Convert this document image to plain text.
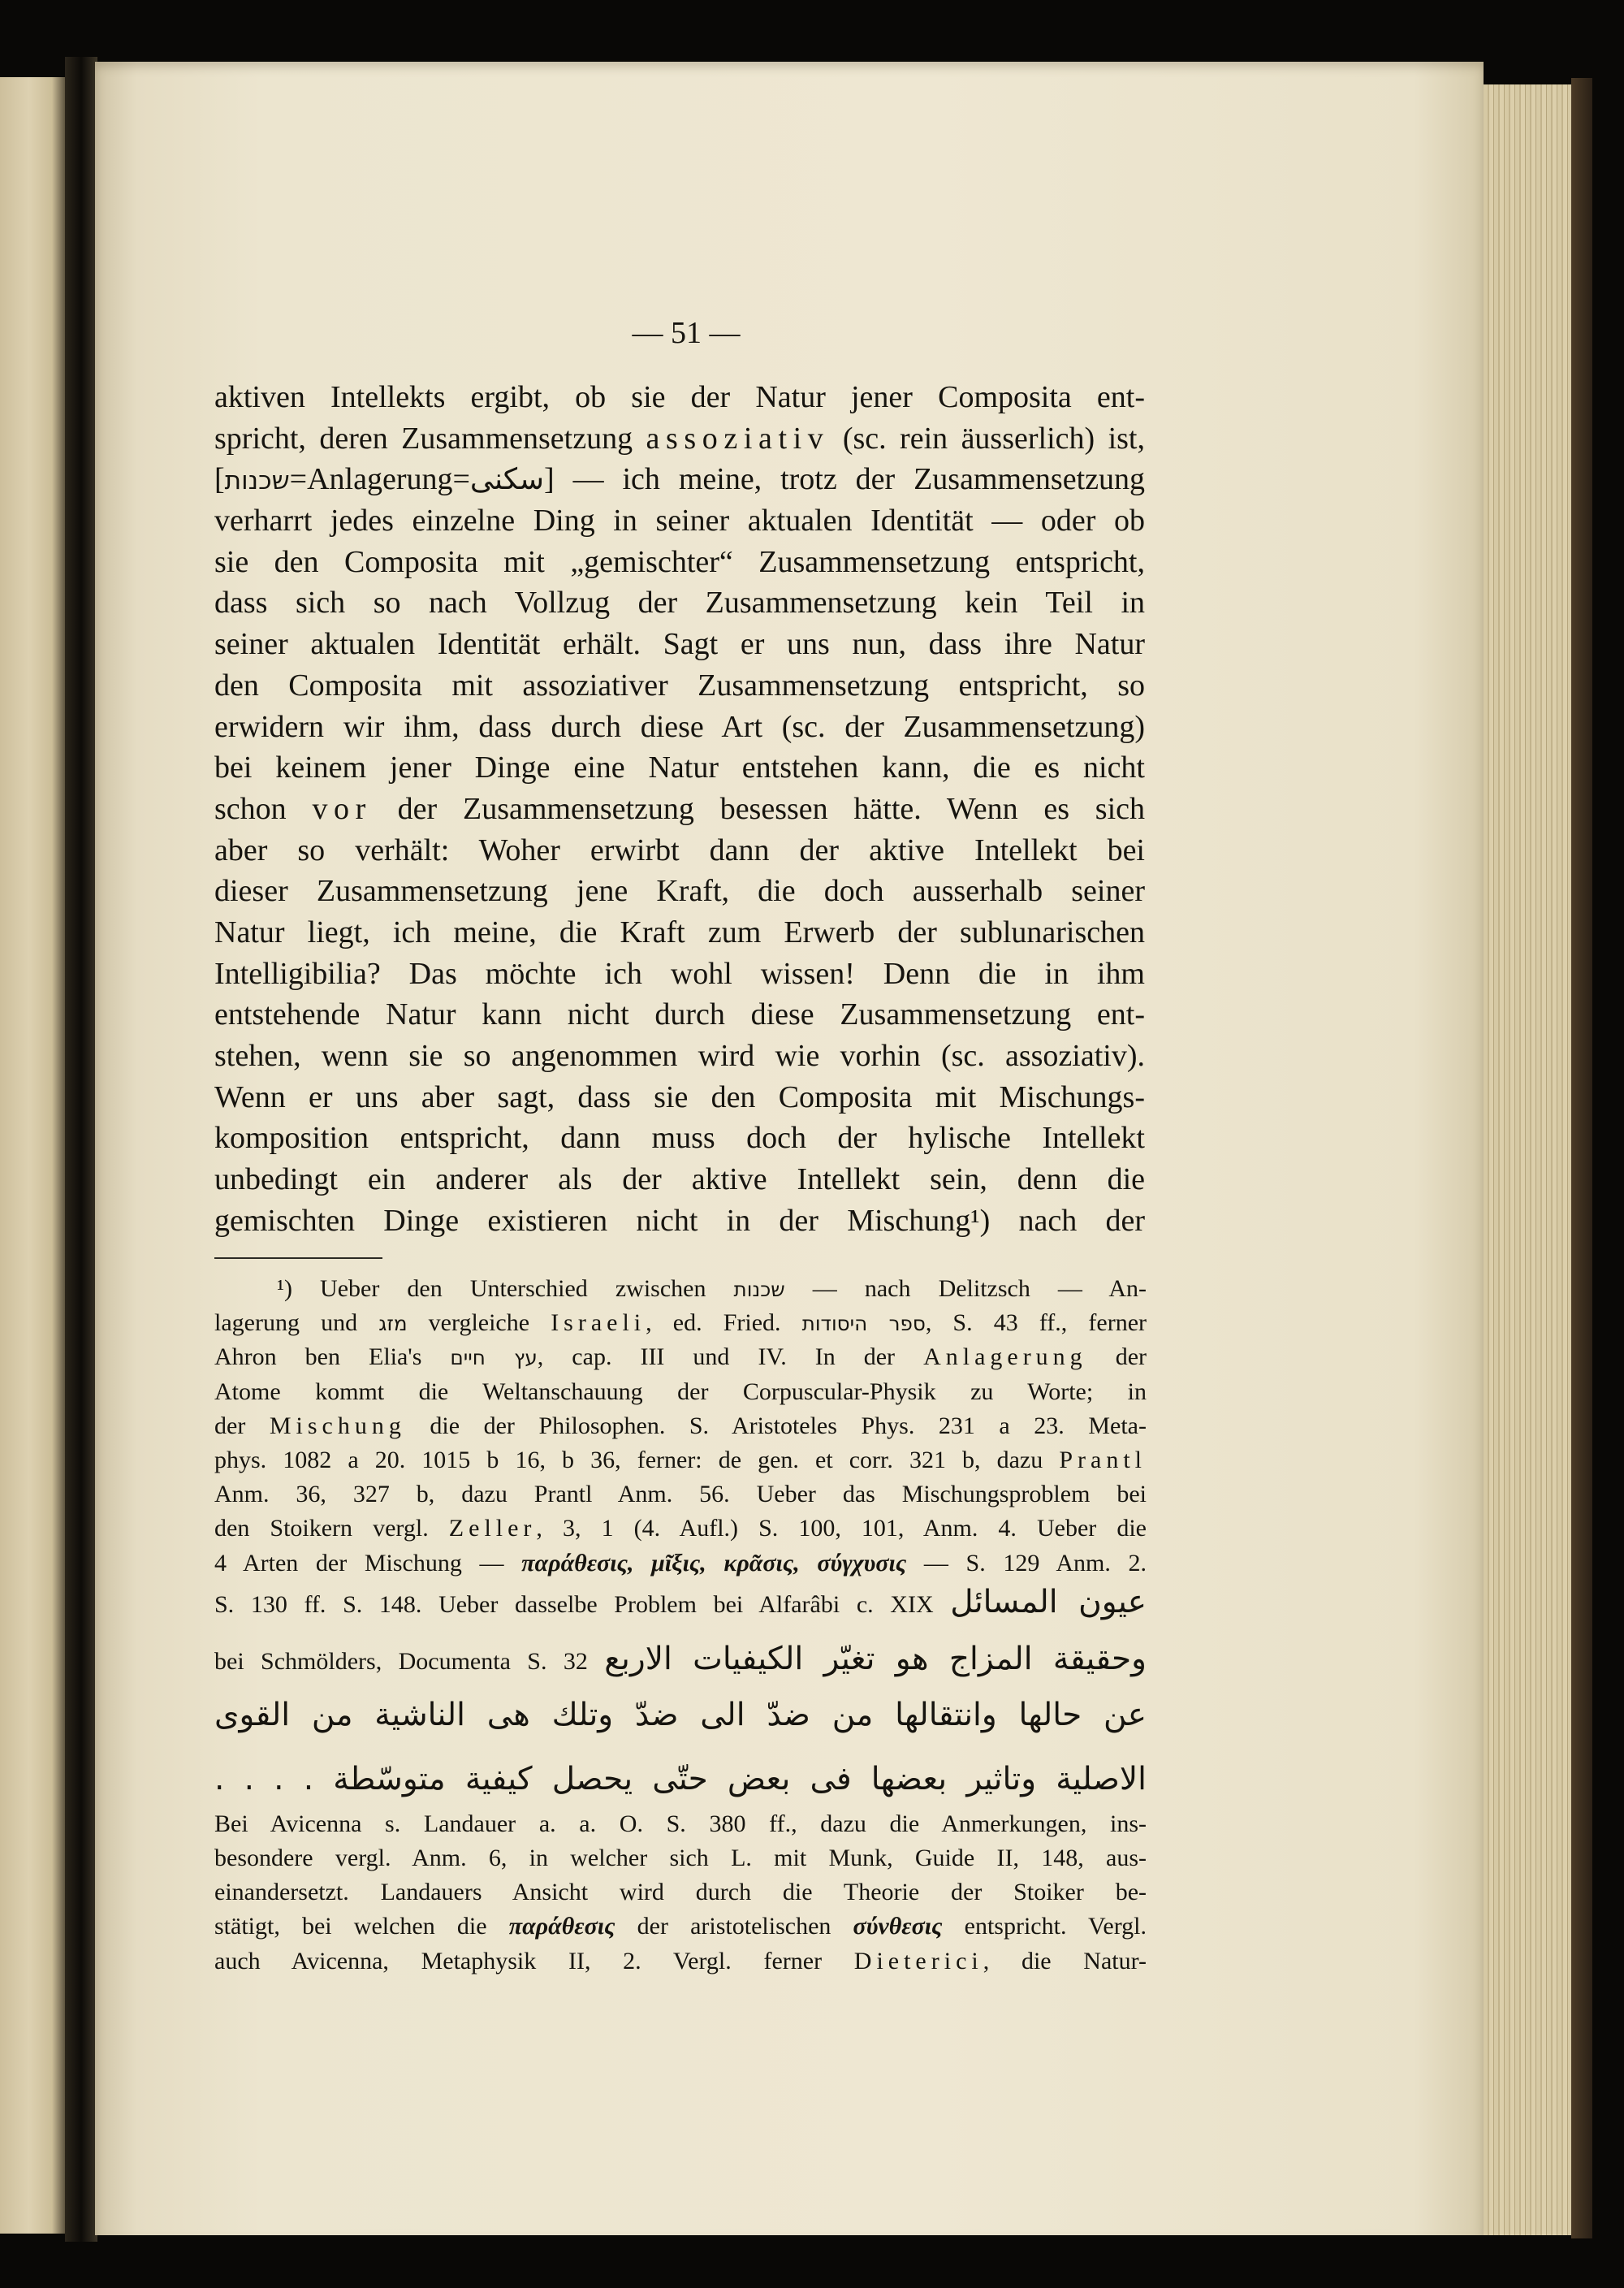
— 51 —
aktiven Intellekts ergibt, ob sie der Natur jener Composita ent-
spricht, deren Zusammensetzung assoziativ (sc. rein äusserlich) ist,
[שכנות=Anlagerung=سكنى] — ich meine, trotz der Zusammensetzung
verharrt jedes einzelne Ding in seiner aktualen Identität — oder ob
sie den Composita mit „gemischter“ Zusammensetzung entspricht,
dass sich so nach Vollzug der Zusammensetzung kein Teil in
seiner aktualen Identität erhält. Sagt er uns nun, dass ihre Natur
den Composita mit assoziativer Zusammensetzung entspricht, so
erwidern wir ihm, dass durch diese Art (sc. der Zusammensetzung)
bei keinem jener Dinge eine Natur entstehen kann, die es nicht
schon vor der Zusammensetzung besessen hätte. Wenn es sich
aber so verhält: Woher erwirbt dann der aktive Intellekt bei
dieser Zusammensetzung jene Kraft, die doch ausserhalb seiner
Natur liegt, ich meine, die Kraft zum Erwerb der sublunarischen
Intelligibilia? Das möchte ich wohl wissen! Denn die in ihm
entstehende Natur kann nicht durch diese Zusammensetzung ent-
stehen, wenn sie so angenommen wird wie vorhin (sc. assoziativ).
Wenn er uns aber sagt, dass sie den Composita mit Mischungs-
komposition entspricht, dann muss doch der hylische Intellekt
unbedingt ein anderer als der aktive Intellekt sein, denn die
gemischten Dinge existieren nicht in der Mischung¹) nach der
¹) Ueber den Unterschied zwischen שכנות — nach Delitzsch — An-
lagerung und מזג vergleiche Israeli, ed. Fried. ספר היסודות, S. 43 ff., ferner
Ahron ben Elia's עץ חיים, cap. III und IV. In der Anlagerung der
Atome kommt die Weltanschauung der Corpuscular-Physik zu Worte; in
der Mischung die der Philosophen. S. Aristoteles Phys. 231 a 23. Meta-
phys. 1082 a 20. 1015 b 16, b 36, ferner: de gen. et corr. 321 b, dazu Prantl
Anm. 36, 327 b, dazu Prantl Anm. 56. Ueber das Mischungsproblem bei
den Stoikern vergl. Zeller, 3, 1 (4. Aufl.) S. 100, 101, Anm. 4. Ueber die
4 Arten der Mischung — παράθεσις, μῖξις, κρᾶσις, σύγχυσις — S. 129 Anm. 2.
S. 130 ff. S. 148. Ueber dasselbe Problem bei Alfarâbi c. XIX عيون المسائل
bei Schmölders, Documenta S. 32 وحقيقة المزاج هو تغيّر الكيفيات الاربع
عن حالها وانتقالها من ضدّ الى ضدّ وتلك هى الناشية من القوى
الاصلية وتاثير بعضها فى بعض حتّى يحصل كيفية متوسّطة . . . .
Bei Avicenna s. Landauer a. a. O. S. 380 ff., dazu die Anmerkungen, ins-
besondere vergl. Anm. 6, in welcher sich L. mit Munk, Guide II, 148, aus-
einandersetzt. Landauers Ansicht wird durch die Theorie der Stoiker be-
stätigt, bei welchen die παράθεσις der aristotelischen σύνθεσις entspricht. Vergl.
auch Avicenna, Metaphysik II, 2. Vergl. ferner Dieterici, die Natur-
